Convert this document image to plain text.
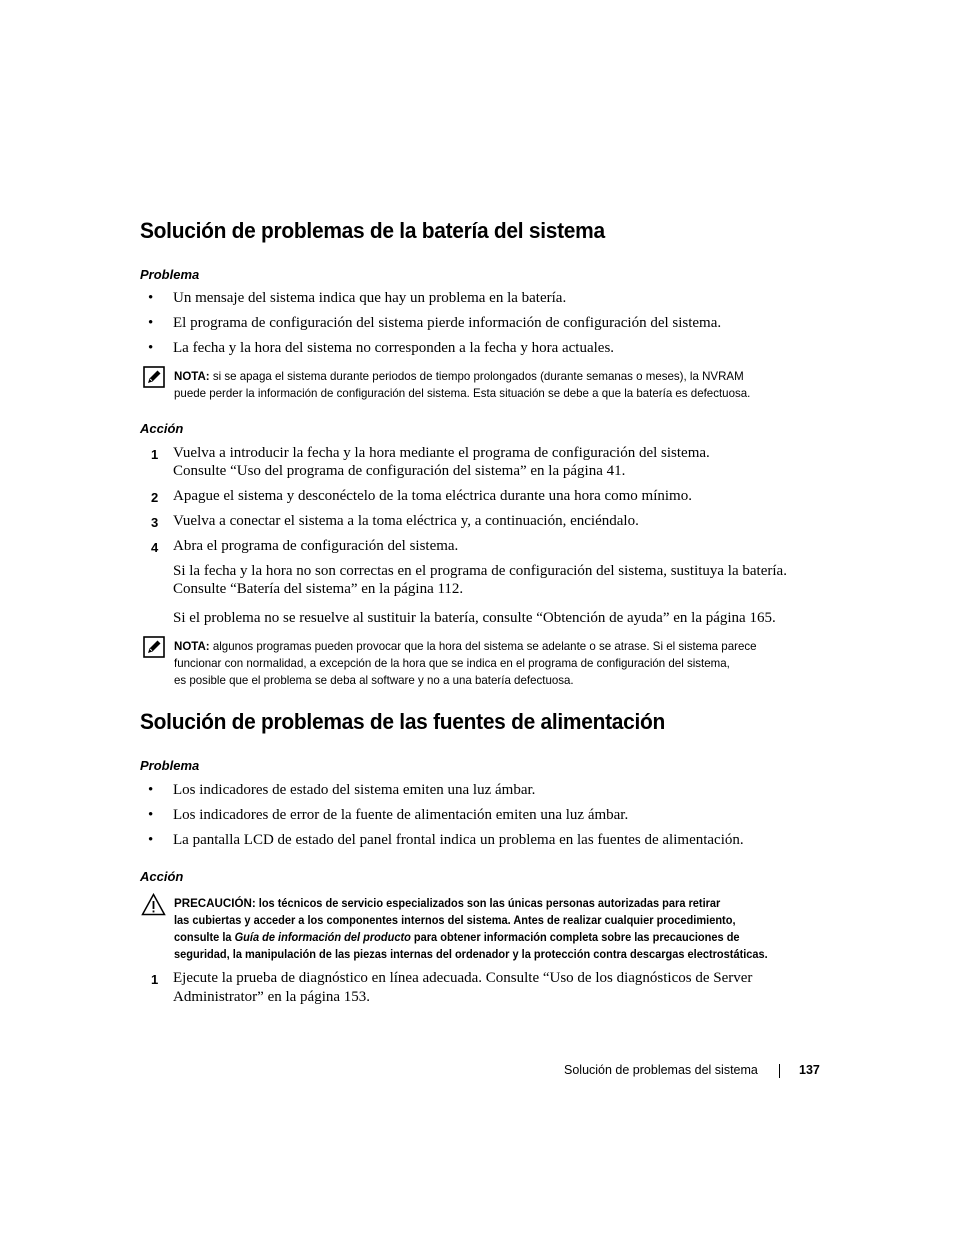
Solución de problemas de la batería del sistema
Problema
• Un mensaje del sistema indica que hay un problema en la batería.
• El programa de configuración del sistema pierde información de configuración del sistema.
• La fecha y la hora del sistema no corresponden a la fecha y hora actuales.
NOTA: si se apaga el sistema durante periodos de tiempo prolongados (durante semanas o meses), la NVRAM
puede perder la información de configuración del sistema. Esta situación se debe a que la batería es defectuosa.
Acción
1 Vuelva a introducir la fecha y la hora mediante el programa de configuración del sistema.
Consulte “Uso del programa de configuración del sistema” en la página 41.
2 Apague el sistema y desconéctelo de la toma eléctrica durante una hora como mínimo.
3 Vuelva a conectar el sistema a la toma eléctrica y, a continuación, enciéndalo.
4 Abra el programa de configuración del sistema.
Si la fecha y la hora no son correctas en el programa de configuración del sistema, sustituya la batería.
Consulte “Batería del sistema” en la página 112.
Si el problema no se resuelve al sustituir la batería, consulte “Obtención de ayuda” en la página 165.
NOTA: algunos programas pueden provocar que la hora del sistema se adelante o se atrase. Si el sistema parece
funcionar con normalidad, a excepción de la hora que se indica en el programa de configuración del sistema,
es posible que el problema se deba al software y no a una batería defectuosa.
Solución de problemas de las fuentes de alimentación
Problema
• Los indicadores de estado del sistema emiten una luz ámbar.
• Los indicadores de error de la fuente de alimentación emiten una luz ámbar.
• La pantalla LCD de estado del panel frontal indica un problema en las fuentes de alimentación.
Acción
PRECAUCIÓN: los técnicos de servicio especializados son las únicas personas autorizadas para retirar
las cubiertas y acceder a los componentes internos del sistema. Antes de realizar cualquier procedimiento,
consulte la Guía de información del producto para obtener información completa sobre las precauciones de
seguridad, la manipulación de las piezas internas del ordenador y la protección contra descargas electrostáticas.
1 Ejecute la prueba de diagnóstico en línea adecuada. Consulte “Uso de los diagnósticos de Server
Administrator” en la página 153.
Solución de problemas del sistema	137
